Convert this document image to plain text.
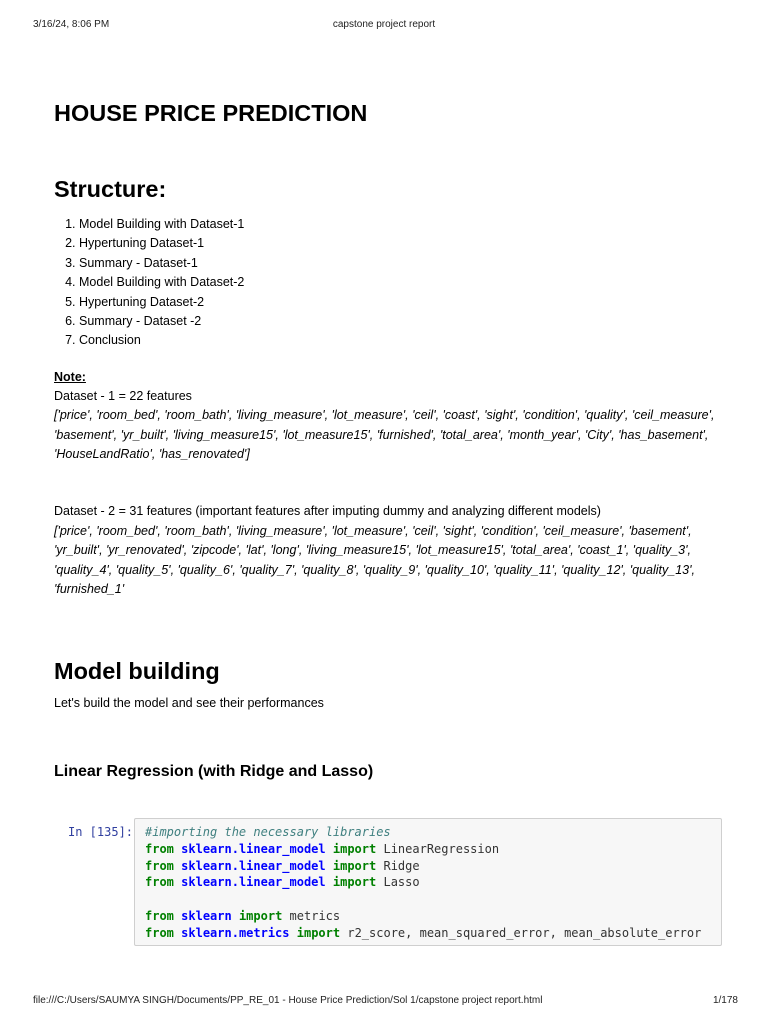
3/16/24, 8:06 PM	capstone project report
HOUSE PRICE PREDICTION
Structure:
1. Model Building with Dataset-1
2. Hypertuning Dataset-1
3. Summary - Dataset-1
4. Model Building with Dataset-2
5. Hypertuning Dataset-2
6. Summary - Dataset -2
7. Conclusion
Note:

Dataset - 1 = 22 features

['price', 'room_bed', 'room_bath', 'living_measure', 'lot_measure', 'ceil', 'coast', 'sight', 'condition', 'quality', 'ceil_measure', 'basement', 'yr_built', 'living_measure15', 'lot_measure15', 'furnished', 'total_area', 'month_year', 'City', 'has_basement', 'HouseLandRatio', 'has_renovated']

Dataset - 2 = 31 features (important features after imputing dummy and analyzing different models)

['price', 'room_bed', 'room_bath', 'living_measure', 'lot_measure', 'ceil', 'sight', 'condition', 'ceil_measure', 'basement', 'yr_built', 'yr_renovated', 'zipcode', 'lat', 'long', 'living_measure15', 'lot_measure15', 'total_area', 'coast_1', 'quality_3', 'quality_4', 'quality_5', 'quality_6', 'quality_7', 'quality_8', 'quality_9', 'quality_10', 'quality_11', 'quality_12', 'quality_13', 'furnished_1'

Model building

Let's build the model and see their performances

Linear Regression (with Ridge and Lasso)
In [135]: #importing the necessary libraries
from sklearn.linear_model import LinearRegression
from sklearn.linear_model import Ridge
from sklearn.linear_model import Lasso
from sklearn import metrics
from sklearn.metrics import r2_score, mean_squared_error, mean_absolute_error
file:///C:/Users/SAUMYA SINGH/Documents/PP_RE_01 - House Price Prediction/Sol 1/capstone project report.html	1/178
